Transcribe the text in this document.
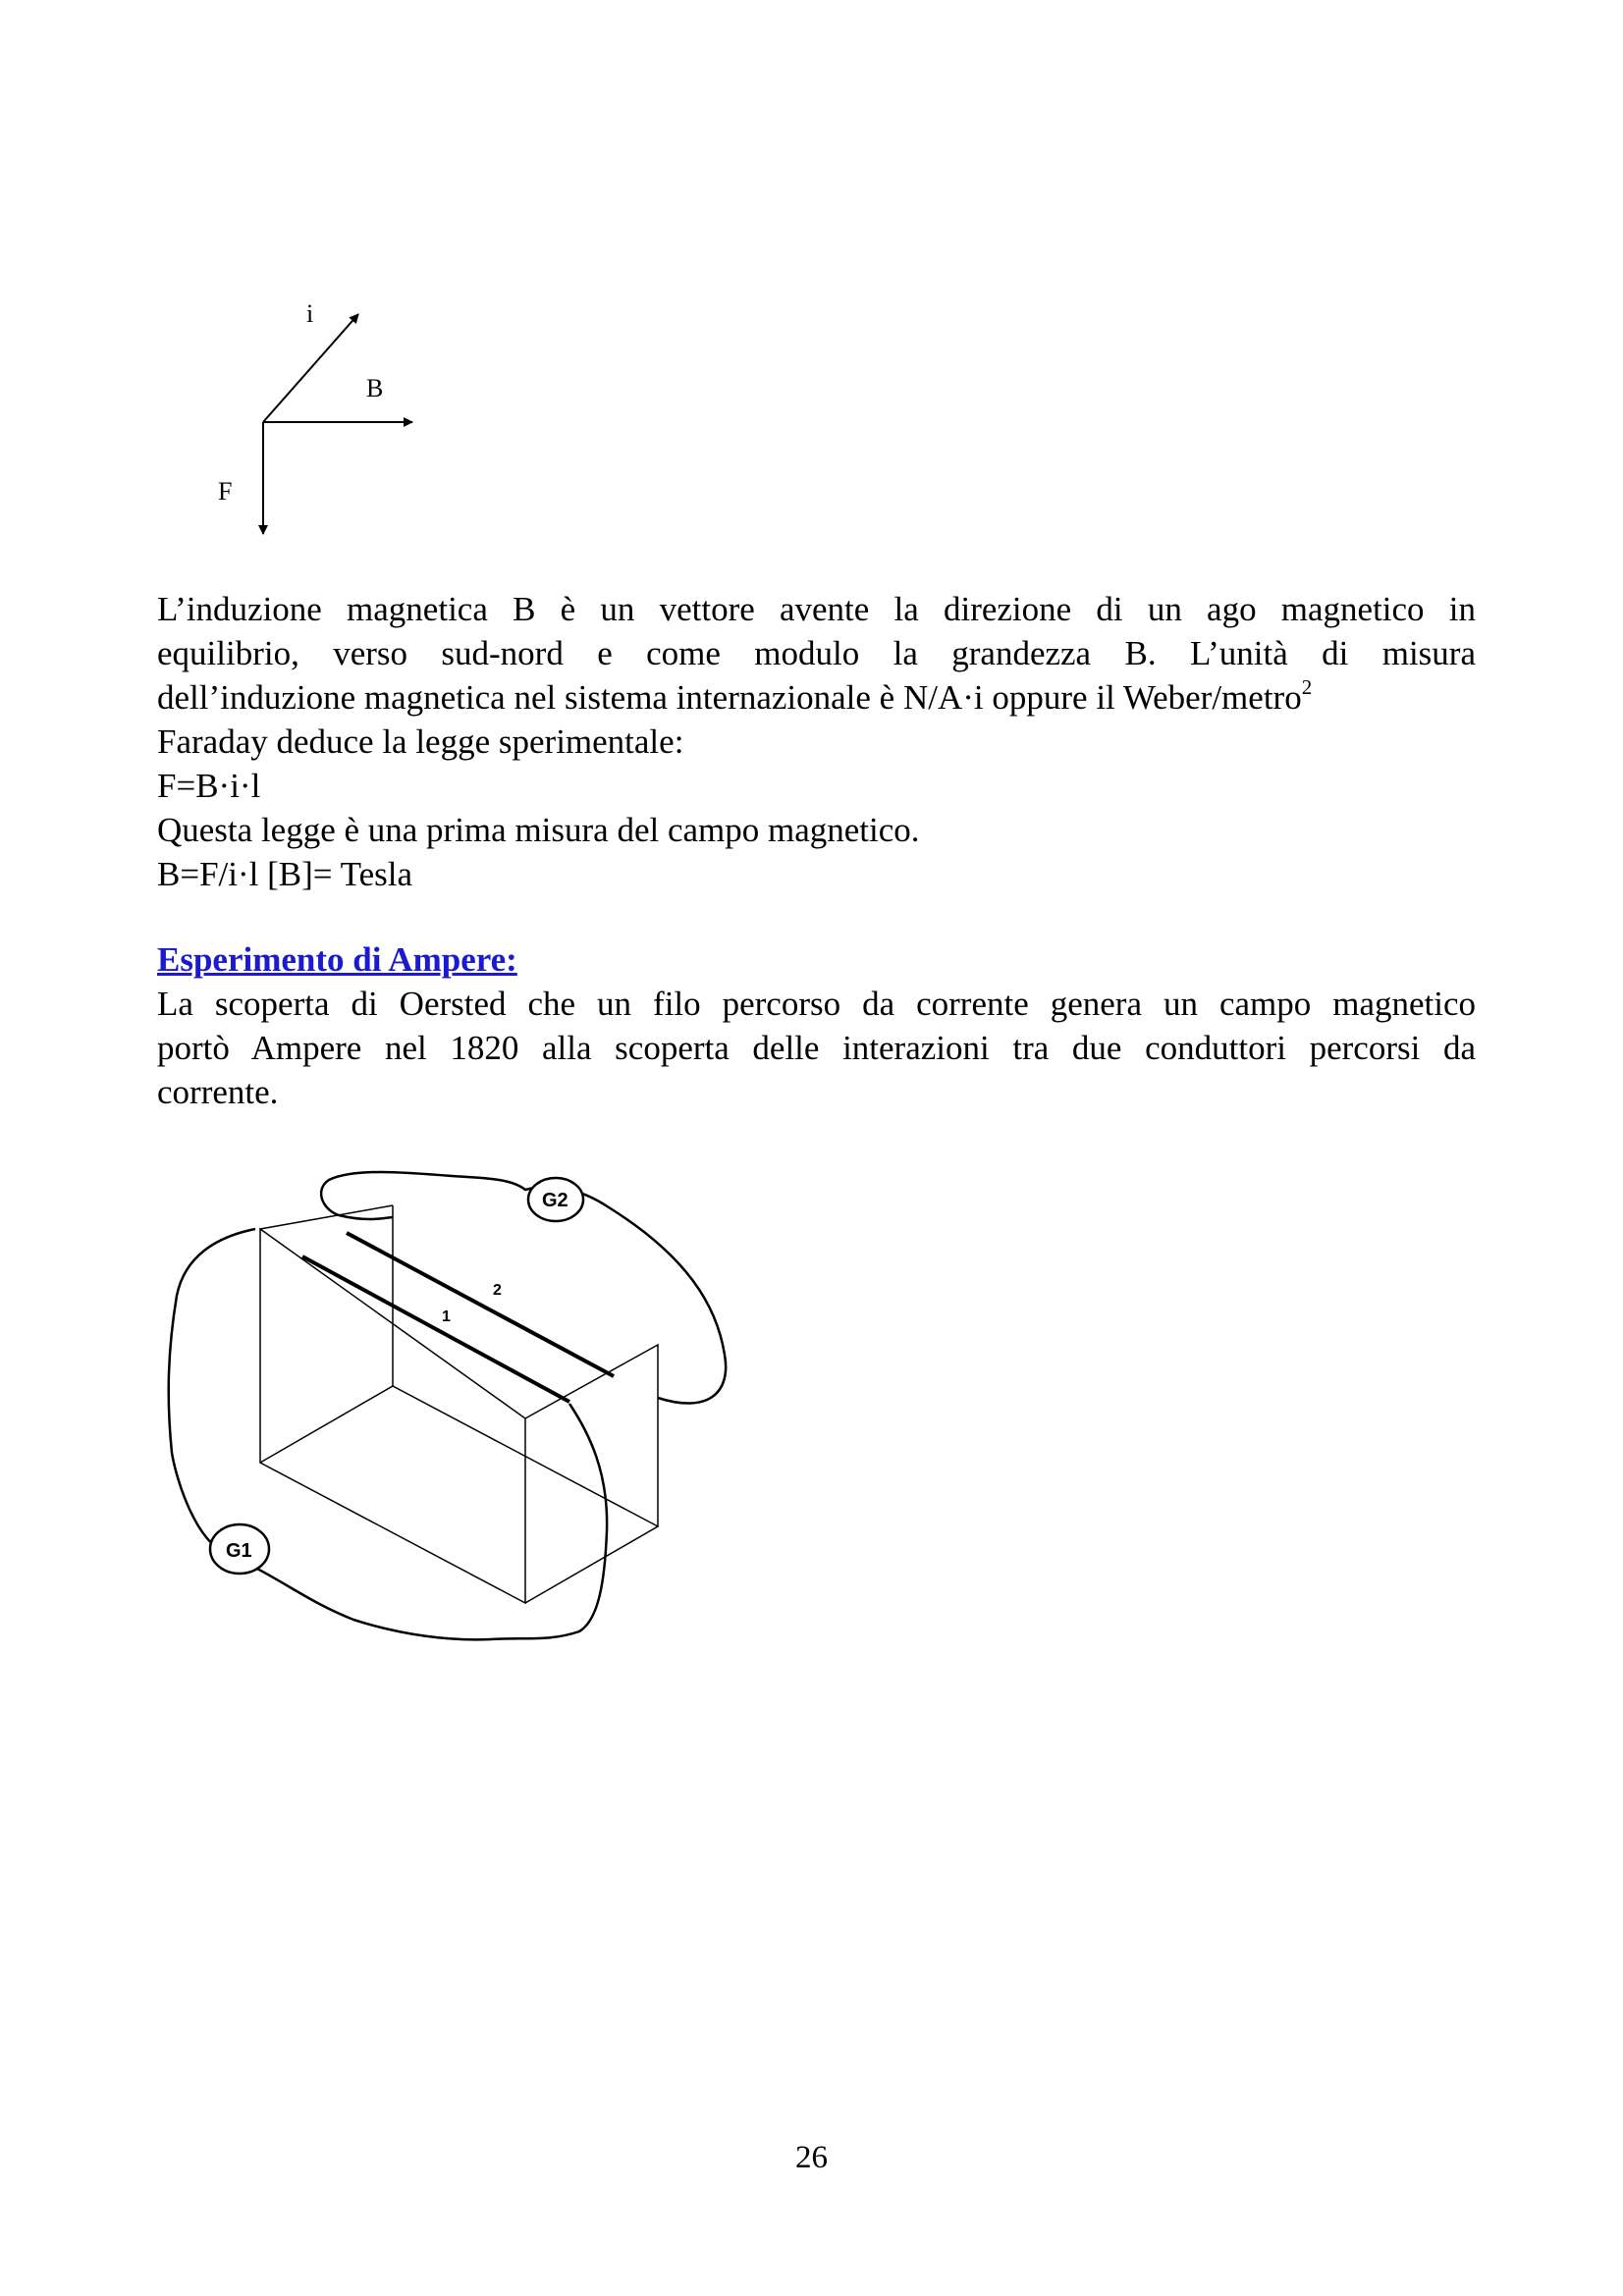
i
B
F
L’induzione magnetica B è un vettore avente la direzione di un ago magnetico in
equilibrio, verso sud-nord e come modulo la grandezza B. L’unità di misura
dell’induzione magnetica nel sistema internazionale è N/A·i oppure il Weber/metro$^2$
Faraday deduce la legge sperimentale:
F=B·i·l
Questa legge è una prima misura del campo magnetico.
B=F/i·l [B]= Tesla
Esperimento di Ampere:
La scoperta di Oersted che un filo percorso da corrente genera un campo magnetico
portò Ampere nel 1820 alla scoperta delle interazioni tra due conduttori percorsi da
corrente.
G2
G1
1
2
26
